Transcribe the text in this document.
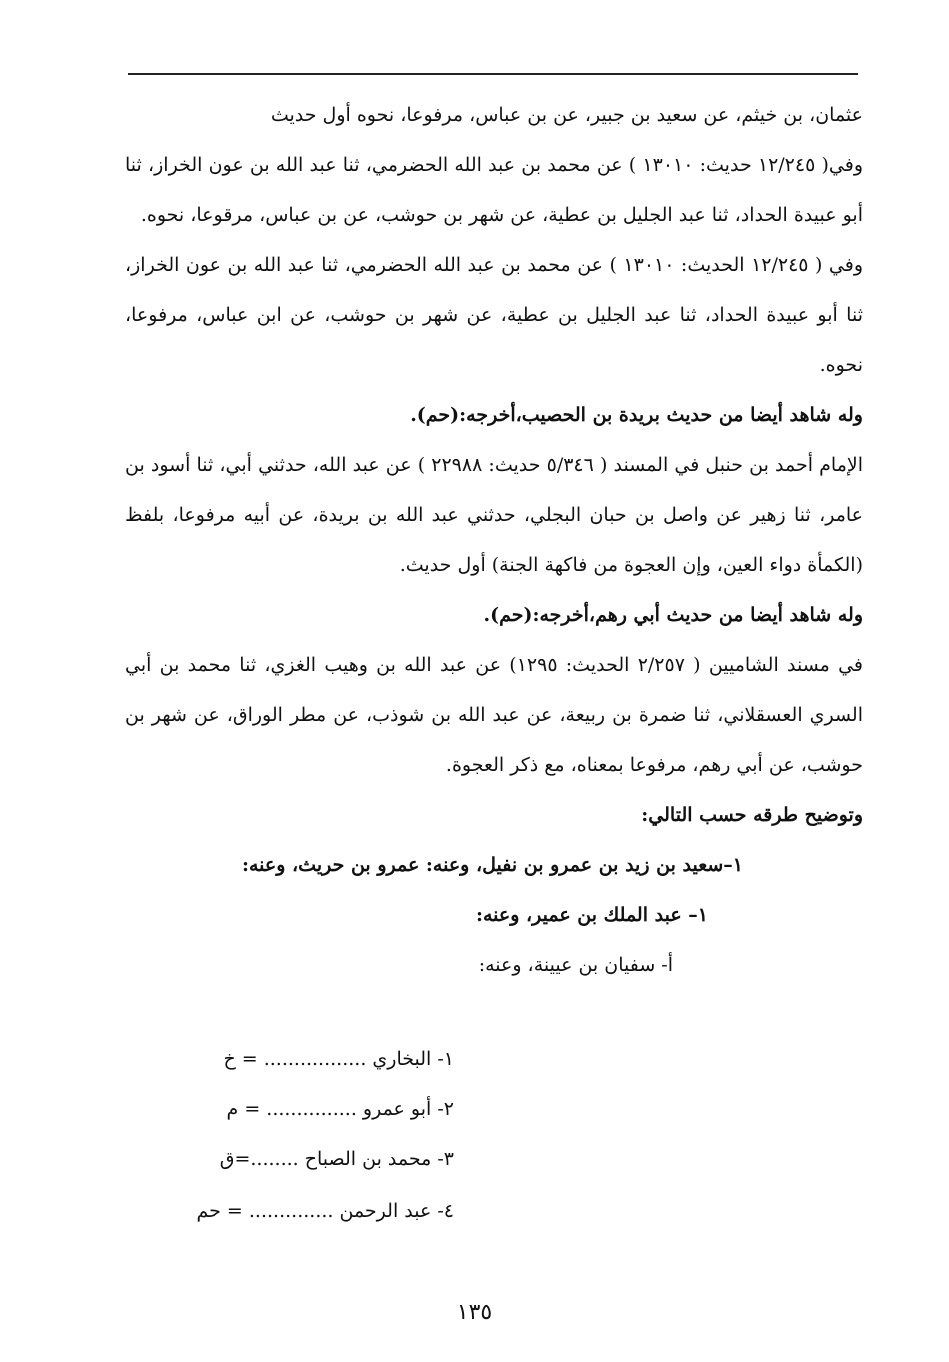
عثمان، بن خيثم، عن سعيد بن جبير، عن بن عباس، مرفوعا، نحوه أول حديث

وفي( ١٢/٢٤٥ حديث: ١٣٠١٠ ) عن محمد بن عبد الله الحضرمي، ثنا عبد الله بن عون الخراز، ثنا أبو عبيدة الحداد، ثنا عبد الجليل بن عطية، عن شهر بن حوشب، عن بن عباس، مرقوعا، نحوه.

وفي ( ١٢/٢٤٥ الحديث: ١٣٠١٠ ) عن محمد بن عبد الله الحضرمي، ثنا عبد الله بن عون الخراز، ثنا أبو عبيدة الحداد، ثنا عبد الجليل بن عطية، عن شهر بن حوشب، عن ابن عباس، مرفوعا، نحوه.

وله شاهد أيضا من حديث بريدة بن الحصيب،أخرجه:(حم).

الإمام أحمد بن حنبل في المسند ( ٥/٣٤٦ حديث: ٢٢٩٨٨ ) عن عبد الله، حدثني أبي، ثنا أسود بن عامر، ثنا زهير عن واصل بن حبان البجلي، حدثني عبد الله بن بريدة، عن أبيه مرفوعا، بلفظ (الكمأة دواء العين، وإن العجوة من فاكهة الجنة) أول حديث.

وله شاهد أيضا من حديث أبي رهم،أخرجه:(حم).

في مسند الشاميين ( ٢/٢٥٧ الحديث: ١٢٩٥) عن عبد الله بن وهيب الغزي، ثنا محمد بن أبي السري العسقلاني، ثنا ضمرة بن ربيعة، عن عبد الله بن شوذب، عن مطر الوراق، عن شهر بن حوشب، عن أبي رهم، مرفوعا بمعناه، مع ذكر العجوة.

وتوضيح طرقه حسب التالي:

١–سعيد بن زيد بن عمرو بن نفيل، وعنه: عمرو بن حريث، وعنه:

١– عبد الملك بن عمير، وعنه:

أ- سفيان بن عيينة، وعنه:

١- البخاري ................. = خ
٢- أبو عمرو ............... = م
٣- محمد بن الصباح ........=ق
٤- عبد الرحمن .............. = حم
١٣٥
